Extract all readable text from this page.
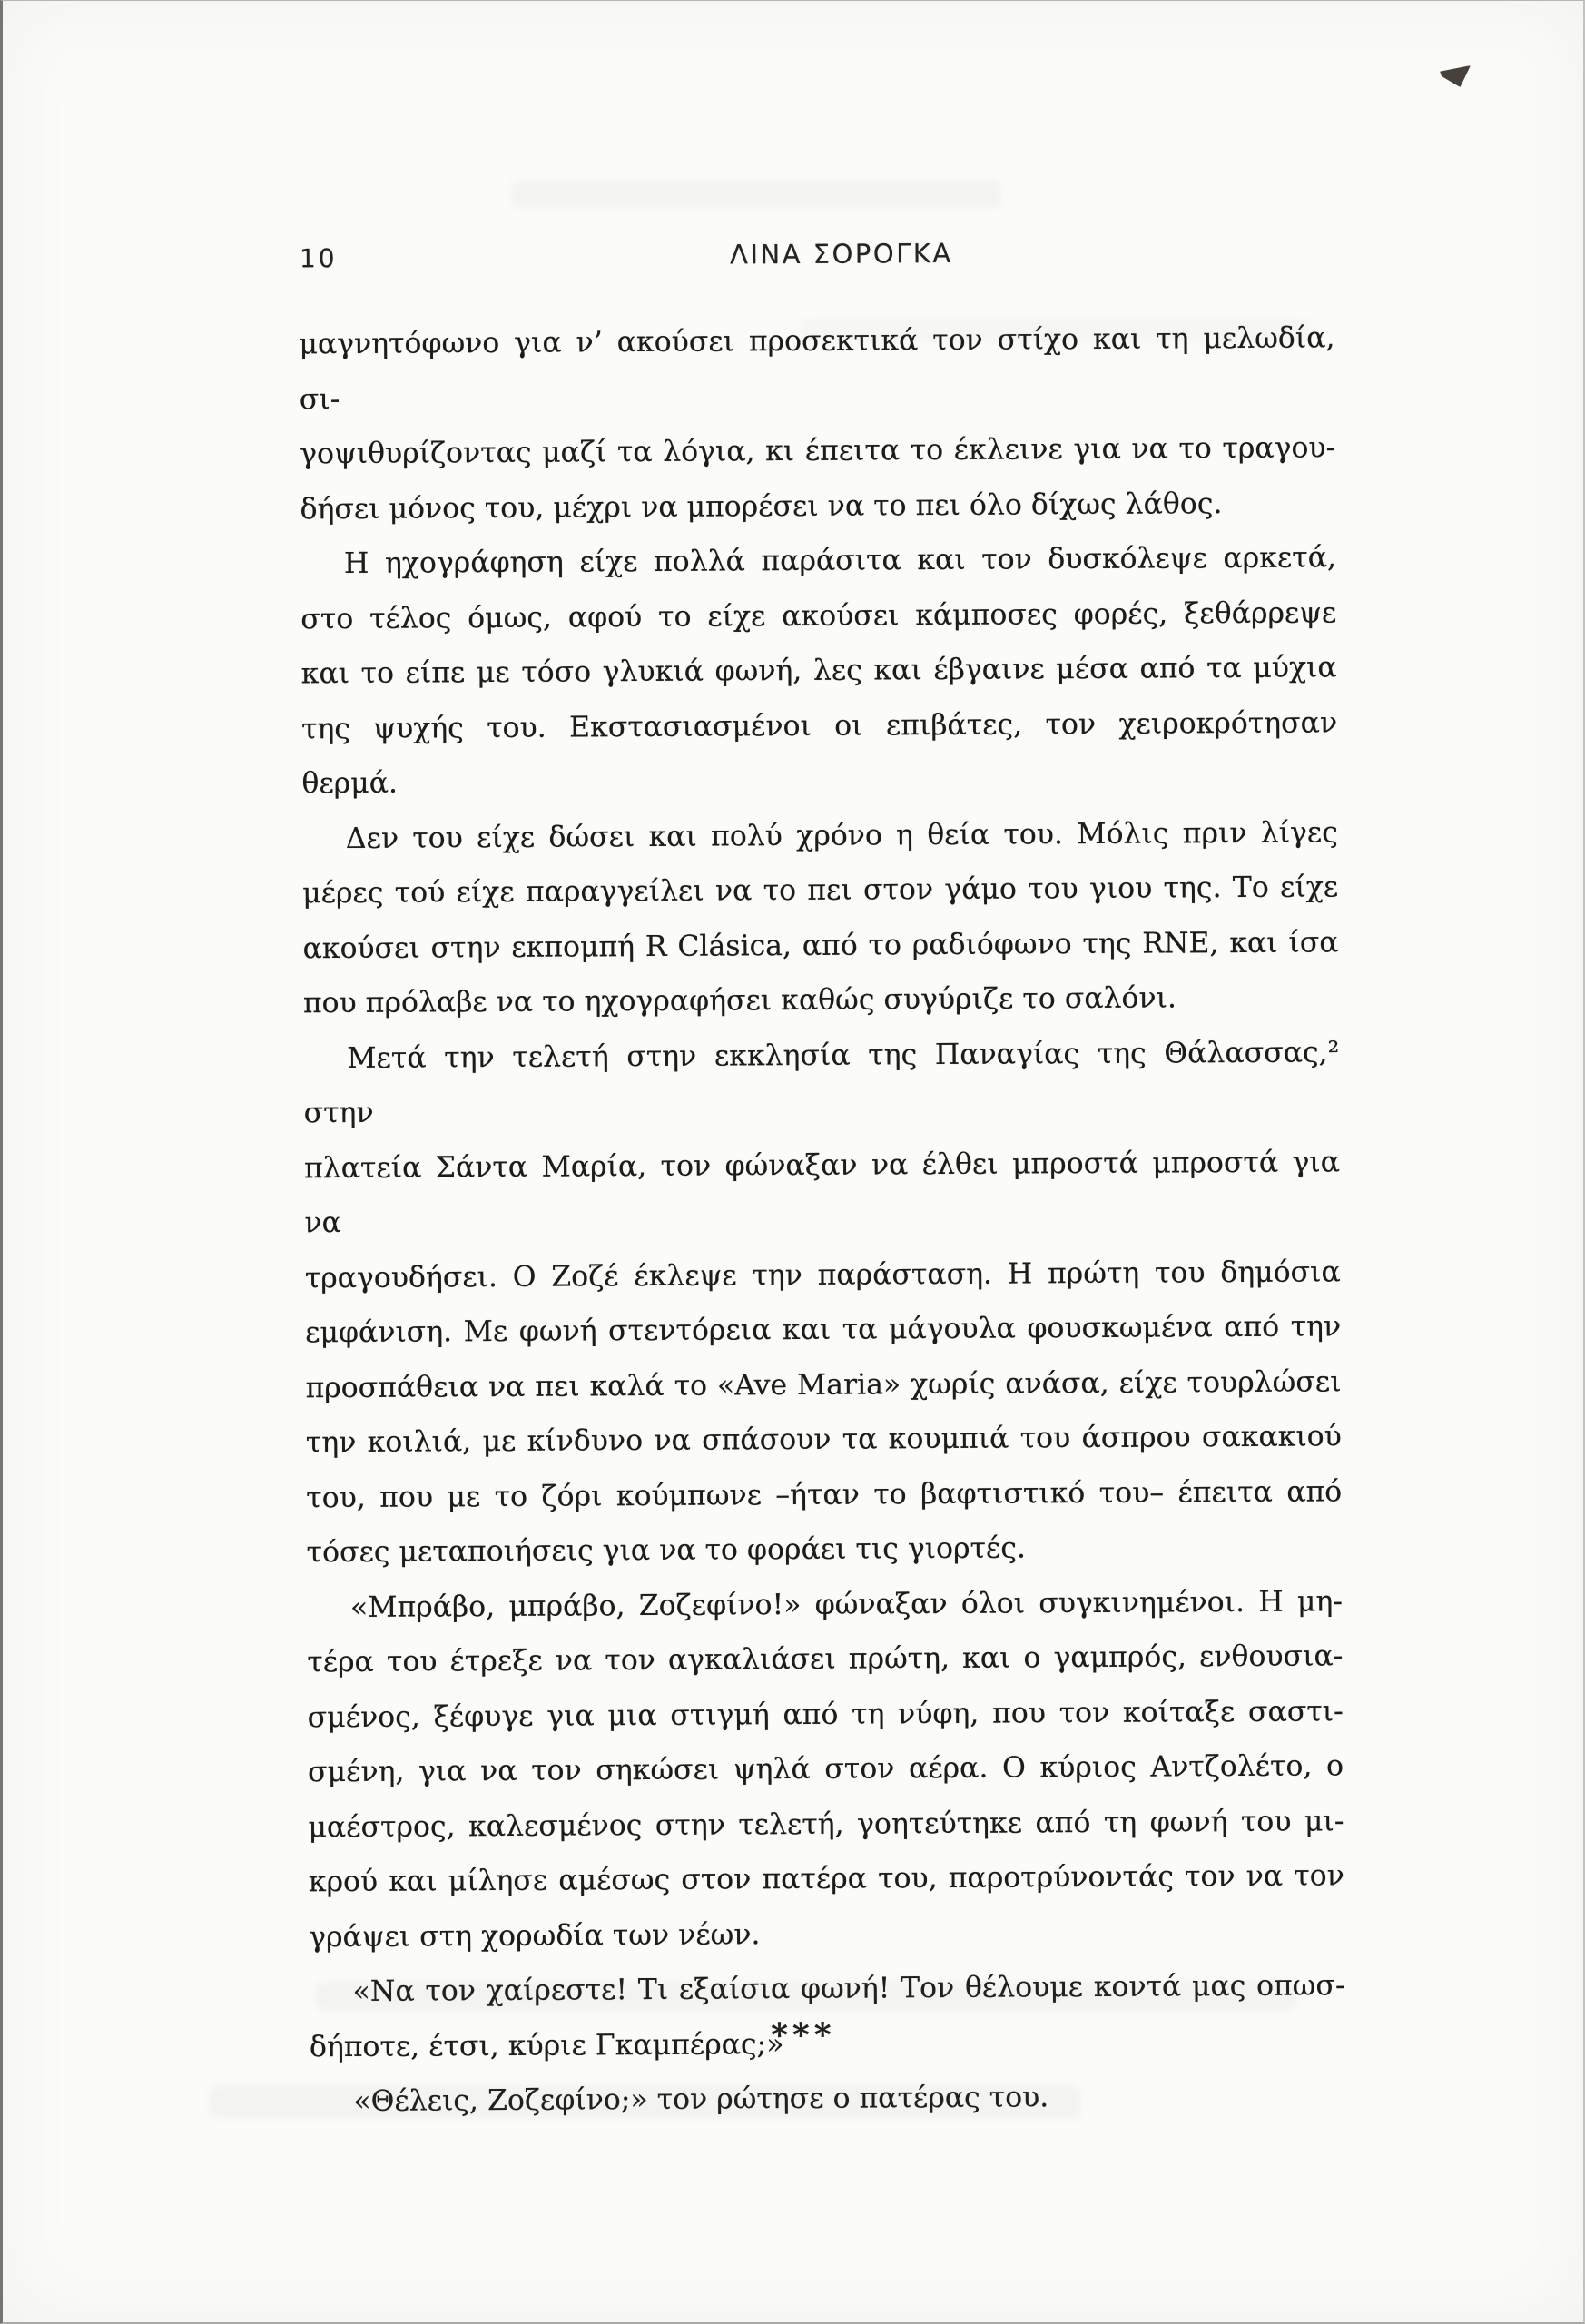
10	ΛΙΝΑ ΣΟΡΟΓΚΑ
μαγνητόφωνο για ν’ ακούσει προσεκτικά τον στίχο και τη μελωδία, σι-
γοψιθυρίζοντας μαζί τα λόγια, κι έπειτα το έκλεινε για να το τραγου-
δήσει μόνος του, μέχρι να μπορέσει να το πει όλο δίχως λάθος.
Η ηχογράφηση είχε πολλά παράσιτα και τον δυσκόλεψε αρκετά,
στο τέλος όμως, αφού το είχε ακούσει κάμποσες φορές, ξεθάρρεψε
και το είπε με τόσο γλυκιά φωνή, λες και έβγαινε μέσα από τα μύχια
της ψυχής του. Εκστασιασμένοι οι επιβάτες, τον χειροκρότησαν
θερμά.
Δεν του είχε δώσει και πολύ χρόνο η θεία του. Μόλις πριν λίγες
μέρες τού είχε παραγγείλει να το πει στον γάμο του γιου της. Το είχε
ακούσει στην εκπομπή R Clásica, από το ραδιόφωνο της RNE, και ίσα
που πρόλαβε να το ηχογραφήσει καθώς συγύριζε το σαλόνι.
Μετά την τελετή στην εκκλησία της Παναγίας της Θάλασσας,² στην
πλατεία Σάντα Μαρία, τον φώναξαν να έλθει μπροστά μπροστά για να
τραγουδήσει. Ο Ζοζέ έκλεψε την παράσταση. Η πρώτη του δημόσια
εμφάνιση. Με φωνή στεντόρεια και τα μάγουλα φουσκωμένα από την
προσπάθεια να πει καλά το «Ave Maria» χωρίς ανάσα, είχε τουρλώσει
την κοιλιά, με κίνδυνο να σπάσουν τα κουμπιά του άσπρου σακακιού
του, που με το ζόρι κούμπωνε –ήταν το βαφτιστικό του– έπειτα από
τόσες μεταποιήσεις για να το φοράει τις γιορτές.
«Μπράβο, μπράβο, Ζοζεφίνο!» φώναξαν όλοι συγκινημένοι. Η μη-
τέρα του έτρεξε να τον αγκαλιάσει πρώτη, και ο γαμπρός, ενθουσια-
σμένος, ξέφυγε για μια στιγμή από τη νύφη, που τον κοίταξε σαστι-
σμένη, για να τον σηκώσει ψηλά στον αέρα. Ο κύριος Αντζολέτο, ο
μαέστρος, καλεσμένος στην τελετή, γοητεύτηκε από τη φωνή του μι-
κρού και μίλησε αμέσως στον πατέρα του, παροτρύνοντάς τον να τον
γράψει στη χορωδία των νέων.
«Να τον χαίρεστε! Τι εξαίσια φωνή! Τον θέλουμε κοντά μας οπωσ-
δήποτε, έτσι, κύριε Γκαμπέρας;»
«Θέλεις, Ζοζεφίνο;» τον ρώτησε ο πατέρας του.
***
